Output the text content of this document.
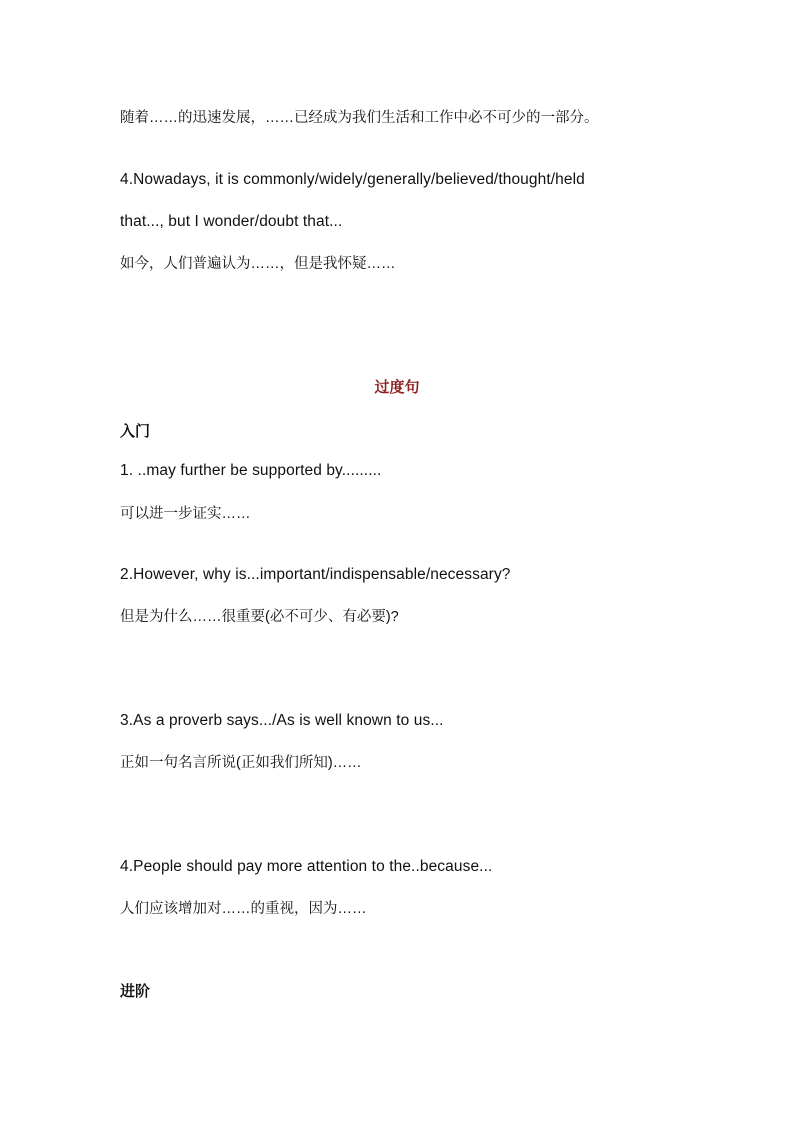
随着……的迅速发展，……已经成为我们生活和工作中必不可少的一部分。
4.Nowadays, it is commonly/widely/generally/believed/thought/held
that..., but I wonder/doubt that...
如今，人们普遍认为……，但是我怀疑……
过度句
入门
1. ..may further be supported by.........
可以进一步证实……
2.However, why is...important/indispensable/necessary?
但是为什么……很重要(必不可少、有必要)?
3.As a proverb says.../As is well known to us...
正如一句名言所说(正如我们所知)……
4.People should pay more attention to the..because...
人们应该增加对……的重视，因为……
进阶
